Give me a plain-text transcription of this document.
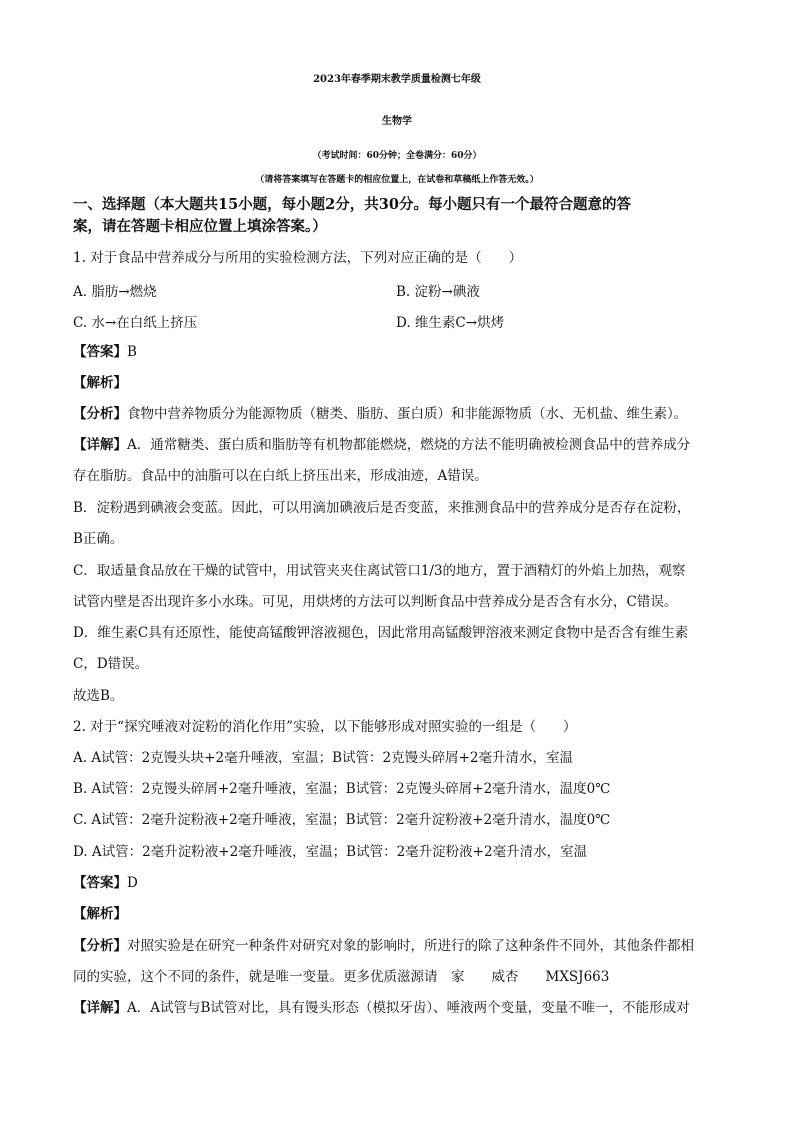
2023年春季期末教学质量检测七年级
生物学
（考试时间：60分钟；全卷满分：60分）
（请将答案填写在答题卡的相应位置上，在试卷和草稿纸上作答无效。）
一、选择题（本大题共15小题，每小题2分，共30分。每小题只有一个最符合题意的答
案，请在答题卡相应位置上填涂答案。）
1. 对于食品中营养成分与所用的实验检测方法，下列对应正确的是（　　）
A. 脂肪→燃烧	B. 淀粉→碘液
C. 水→在白纸上挤压	D. 维生素C→烘烤
【答案】B
【解析】
【分析】食物中营养物质分为能源物质（糖类、脂肪、蛋白质）和非能源物质（水、无机盐、维生素）。
【详解】A．通常糖类、蛋白质和脂肪等有机物都能燃烧，燃烧的方法不能明确被检测食品中的营养成分
存在脂肪。食品中的油脂可以在白纸上挤压出来，形成油迹，A错误。
B．淀粉遇到碘液会变蓝。因此，可以用滴加碘液后是否变蓝，来推测食品中的营养成分是否存在淀粉，
B正确。
C．取适量食品放在干燥的试管中，用试管夹夹住离试管口1/3的地方，置于酒精灯的外焰上加热，观察
试管内壁是否出现许多小水珠。可见，用烘烤的方法可以判断食品中营养成分是否含有水分，C错误。
D．维生素C具有还原性，能使高锰酸钾溶液褪色，因此常用高锰酸钾溶液来测定食物中是否含有维生素
C，D错误。
故选B。
2. 对于“探究唾液对淀粉的消化作用”实验，以下能够形成对照实验的一组是（　　）
A. A试管：2克馒头块+2毫升唾液，室温；B试管：2克馒头碎屑+2毫升清水，室温
B. A试管：2克馒头碎屑+2毫升唾液，室温；B试管：2克馒头碎屑+2毫升清水，温度0℃
C. A试管：2毫升淀粉液+2毫升唾液，室温；B试管：2毫升淀粉液+2毫升清水，温度0℃
D. A试管：2毫升淀粉液+2毫升唾液，室温；B试管：2毫升淀粉液+2毫升清水，室温
【答案】D
【解析】
【分析】对照实验是在研究一种条件对研究对象的影响时，所进行的除了这种条件不同外，其他条件都相
同的实验，这个不同的条件，就是唯一变量。更多优质滋源请　家　　威杏　　MXSJ663
【详解】A．A试管与B试管对比，具有馒头形态（模拟牙齿）、唾液两个变量，变量不唯一，不能形成对
